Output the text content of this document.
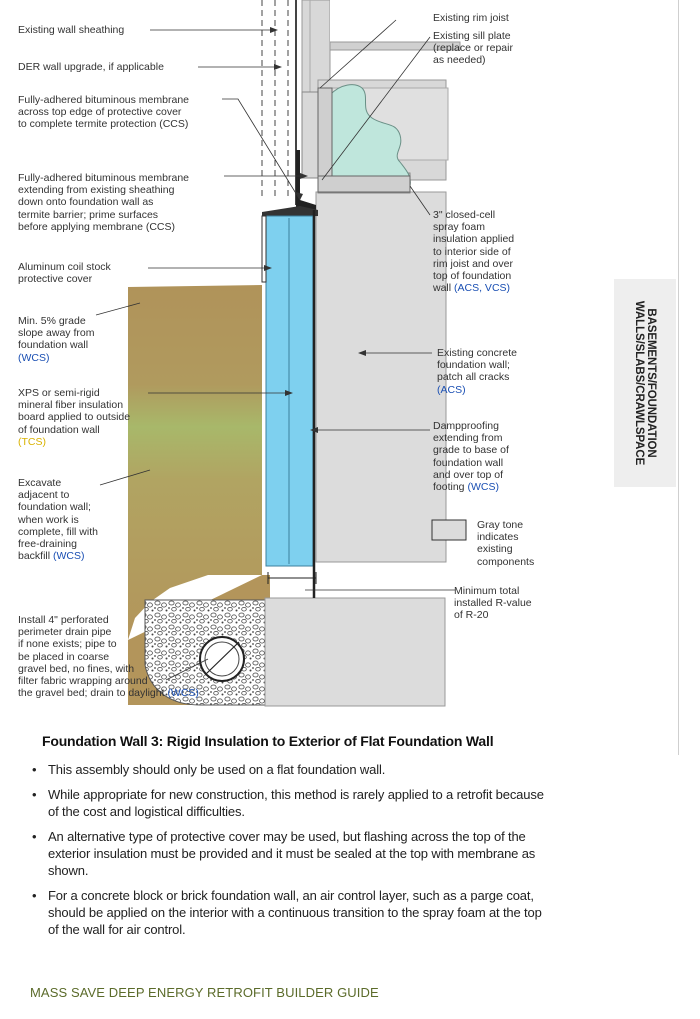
Existing wall sheathing
DER wall upgrade, if applicable
Fully-adhered bituminous membrane
across top edge of protective cover
to complete termite protection (CCS)
Fully-adhered bituminous membrane
extending from existing sheathing
down onto foundation wall as
termite barrier; prime surfaces
before applying membrane (CCS)
Aluminum coil stock
protective cover
Min. 5% grade
slope away from
foundation wall
(WCS)
XPS or semi-rigid
mineral fiber insulation
board applied to outside
of foundation wall
(TCS)
Excavate
adjacent to
foundation wall;
when work is
complete, fill with
free-draining
backfill (WCS)
Install 4" perforated
perimeter drain pipe
if none exists; pipe to
be placed in coarse
gravel bed, no fines, with
filter fabric wrapping around
the gravel bed; drain to daylight (WCS)
Existing rim joist
Existing sill plate
(replace or repair
as needed)
3" closed-cell
spray foam
insulation applied
to interior side of
rim joist and over
top of foundation
wall (ACS, VCS)
Existing concrete
foundation wall;
patch all cracks
(ACS)
Dampproofing
extending from
grade to base of
foundation wall
and over top of
footing (WCS)
Gray tone
indicates
existing
components
Minimum total
installed R-value
of R-20
BASEMENTS/FOUNDATION
WALLS/SLABS/CRAWLSPACE
Foundation Wall 3: Rigid Insulation to Exterior of Flat Foundation Wall
• This assembly should only be used on a flat foundation wall.
• While appropriate for new construction, this method is rarely applied to a retrofit because of the cost and logistical difficulties.
• An alternative type of protective cover may be used, but flashing across the top of the exterior insulation must be provided and it must be sealed at the top with membrane as shown.
• For a concrete block or brick foundation wall, an air control layer, such as a parge coat, should be applied on the interior with a continuous transition to the spray foam at the top of the wall for air control.
MASS SAVE DEEP ENERGY RETROFIT BUILDER GUIDE
